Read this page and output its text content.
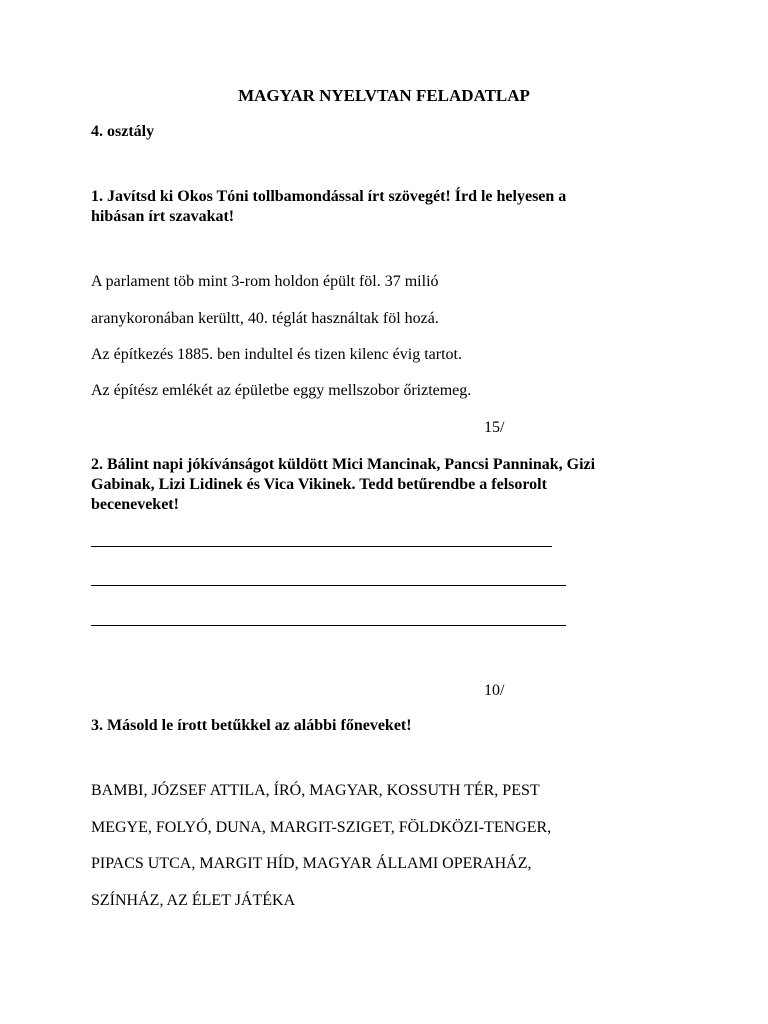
MAGYAR NYELVTAN FELADATLAP
4. osztály
1. Javítsd ki Okos Tóni tollbamondással írt szövegét! Írd le helyesen a
hibásan írt szavakat!
A parlament töb mint 3-rom holdon épült föl. 37 milió
aranykoronában kerültt, 40. téglát használtak föl hozá.
Az építkezés 1885. ben indultel és tizen kilenc évig tartot.
Az építész emlékét az épületbe eggy mellszobor őriztemeg.
15/
2. Bálint napi jókívánságot küldött Mici Mancinak, Pancsi Panninak, Gizi
Gabinak, Lizi Lidinek és Vica Vikinek. Tedd betűrendbe a felsorolt
beceneveket!
10/
3. Másold le írott betűkkel az alábbi főneveket!
BAMBI, JÓZSEF ATTILA, ÍRÓ, MAGYAR, KOSSUTH TÉR, PEST
MEGYE, FOLYÓ, DUNA, MARGIT-SZIGET, FÖLDKÖZI-TENGER,
PIPACS UTCA, MARGIT HÍD, MAGYAR ÁLLAMI OPERAHÁZ,
SZÍNHÁZ, AZ ÉLET JÁTÉKA
